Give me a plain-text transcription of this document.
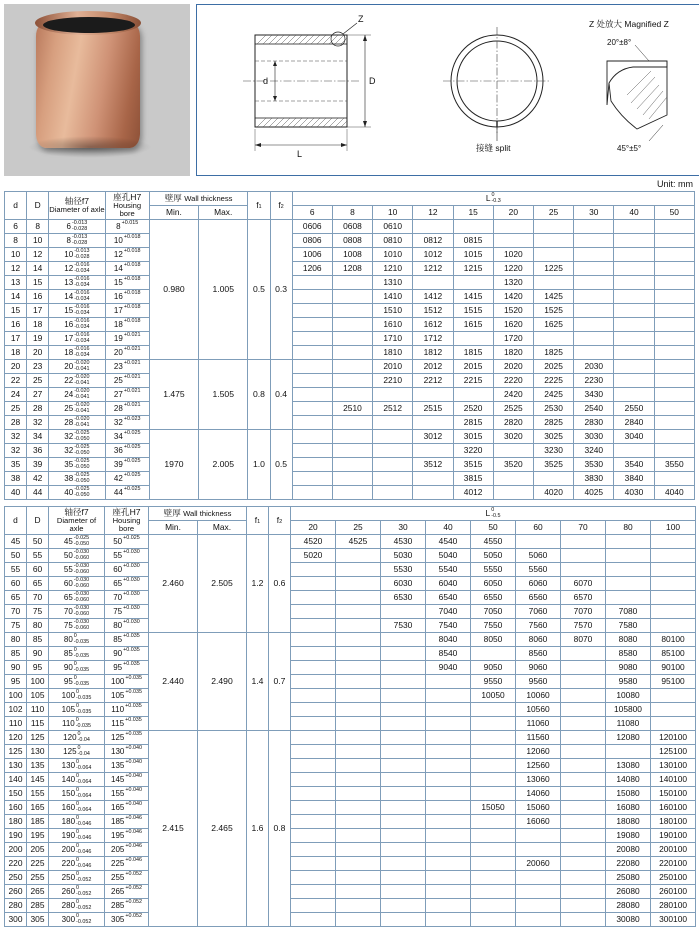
Z
d	D
L
接缝 split
Z 处放大 Magnified Z
20°±8°
45°±5°
Unit: mm
d	D	轴径f7
Diameter of axle

座孔H7
Housing bore
	壁厚 Wall thickness	f1	f2	L 0
-0.3

				Min.	Max.			6	8	10	12	15	20	25	30	40	50
6	8	6 -0.013
-0.028	8 +0.015	0.980	1.005	0.5	0.3	0606	0608	0610							
8	10	8 -0.013
-0.028	10 +0.018					0806	0808	0810	0812	0815					
10	12	10 -0.013
-0.028	12 +0.018					1006	1008	1010	1012	1015	1020				
12	14	12 -0.016
-0.034	14 +0.018					1206	1208	1210	1212	1215	1220	1225			
13	15	13 -0.016
-0.034	15 +0.018							1310			1320				
14	16	14 -0.016
-0.034	16 +0.018							1410	1412	1415	1420	1425			
15	17	15 -0.016
-0.034	17 +0.018							1510	1512	1515	1520	1525			
16	18	16 -0.016
-0.034	18 +0.018							1610	1612	1615	1620	1625			
17	19	17 -0.016
-0.034	19 +0.021							1710	1712		1720				
18	20	18 -0.016
-0.034	20 +0.021							1810	1812	1815	1820	1825			
20	23	20 -0.020
-0.041	23 +0.021	1.475	1.505	0.8	0.4			2010	2012	2015	2020	2025	2030		
22	25	22 -0.020
-0.041	25 +0.021							2210	2212	2215	2220	2225	2230		
24	27	24 -0.020
-0.041	27 +0.021										2420	2425	3430		
25	28	25 -0.020
-0.041	28 +0.021						2510	2512	2515	2520	2525	2530	2540	2550	
28	32	28 -0.020
-0.041	32 +0.023									2815	2820	2825	2830	2840	
32	34	32 -0.025
-0.050	34 +0.025	1970	2.005	1.0	0.5				3012	3015	3020	3025	3030	3040	
32	36	32 -0.025
-0.050	36 +0.025									3220		3230	3240		
35	39	35 -0.025
-0.050	39 +0.025								3512	3515	3520	3525	3530	3540	3550
38	42	38 -0.025
-0.050	42 +0.025									3815			3830	3840	
40	44	40 -0.025
-0.050	44 +0.025									4012		4020	4025	4030	4040
d	D	
轴径f7
Diameter of axle

座孔H7
Housing bore
	壁厚 Wall thickness	f1	f2	L 0
-0.5

				Min.	Max.			20	25	30	40	50	60	70	80	100
45	50	45 -0.025
-0.050	50 +0.025	2.460	2.505	1.2	0.6	4520	4525	4530	4540	4550				
50	55	50 -0.030
-0.060	55 +0.030					5020		5030	5040	5050	5060			
55	60	55 -0.030
-0.060	60 +0.030							5530	5540	5550	5560			
60	65	60 -0.030
-0.060	65 +0.030							6030	6040	6050	6060	6070		
65	70	65 -0.030
-0.060	70 +0.030							6530	6540	6550	6560	6570		
70	75	70 -0.030
-0.060	75 +0.030								7040	7050	7060	7070	7080	
75	80	75 -0.030
-0.060	80 +0.030							7530	7540	7550	7560	7570	7580	
80	85	80 0
-0.035	85 +0.035	2.440	2.490	1.4	0.7				8040	8050	8060	8070	8080	80100
85	90	85 0
-0.035	90 +0.035								8540		8560		8580	85100
90	95	90 0
-0.035	95 +0.035								9040	9050	9060		9080	90100
95	100	95 0
-0.035	100 +0.035									9550	9560		9580	95100
100	105	100 0
-0.035	105 +0.035									10050	10060		10080	
102	110	105 0
-0.035	110 +0.035										10560		105800	
110	115	110 0
-0.035	115 +0.035										11060		11080	
120	125	120 0
-0.04	125 +0.035	2.415	2.465	1.6	0.8						11560		12080	120100
125	130	125 0
-0.04	130 +0.040										12060			125100
130	135	130 0
-0.064	135 +0.040										12560		13080	130100
140	145	140 0
-0.064	145 +0.040										13060		14080	140100
150	155	150 0
-0.064	155 +0.040										14060		15080	150100
160	165	160 0
-0.064	165 +0.040									15050	15060		16080	160100
180	185	180 0
-0.046	185 +0.046										16060		18080	180100
190	195	190 0
-0.046	195 +0.046												19080	190100
200	205	200 0
-0.046	205 +0.046												20080	200100
220	225	220 0
-0.046	225 +0.046										20060		22080	220100
250	255	250 0
-0.052	255 +0.052												25080	250100
260	265	260 0
-0.052	265 +0.052												26080	260100
280	285	280 0
-0.052	285 +0.052												28080	280100
300	305	300 0
-0.052	305 +0.052												30080	300100
